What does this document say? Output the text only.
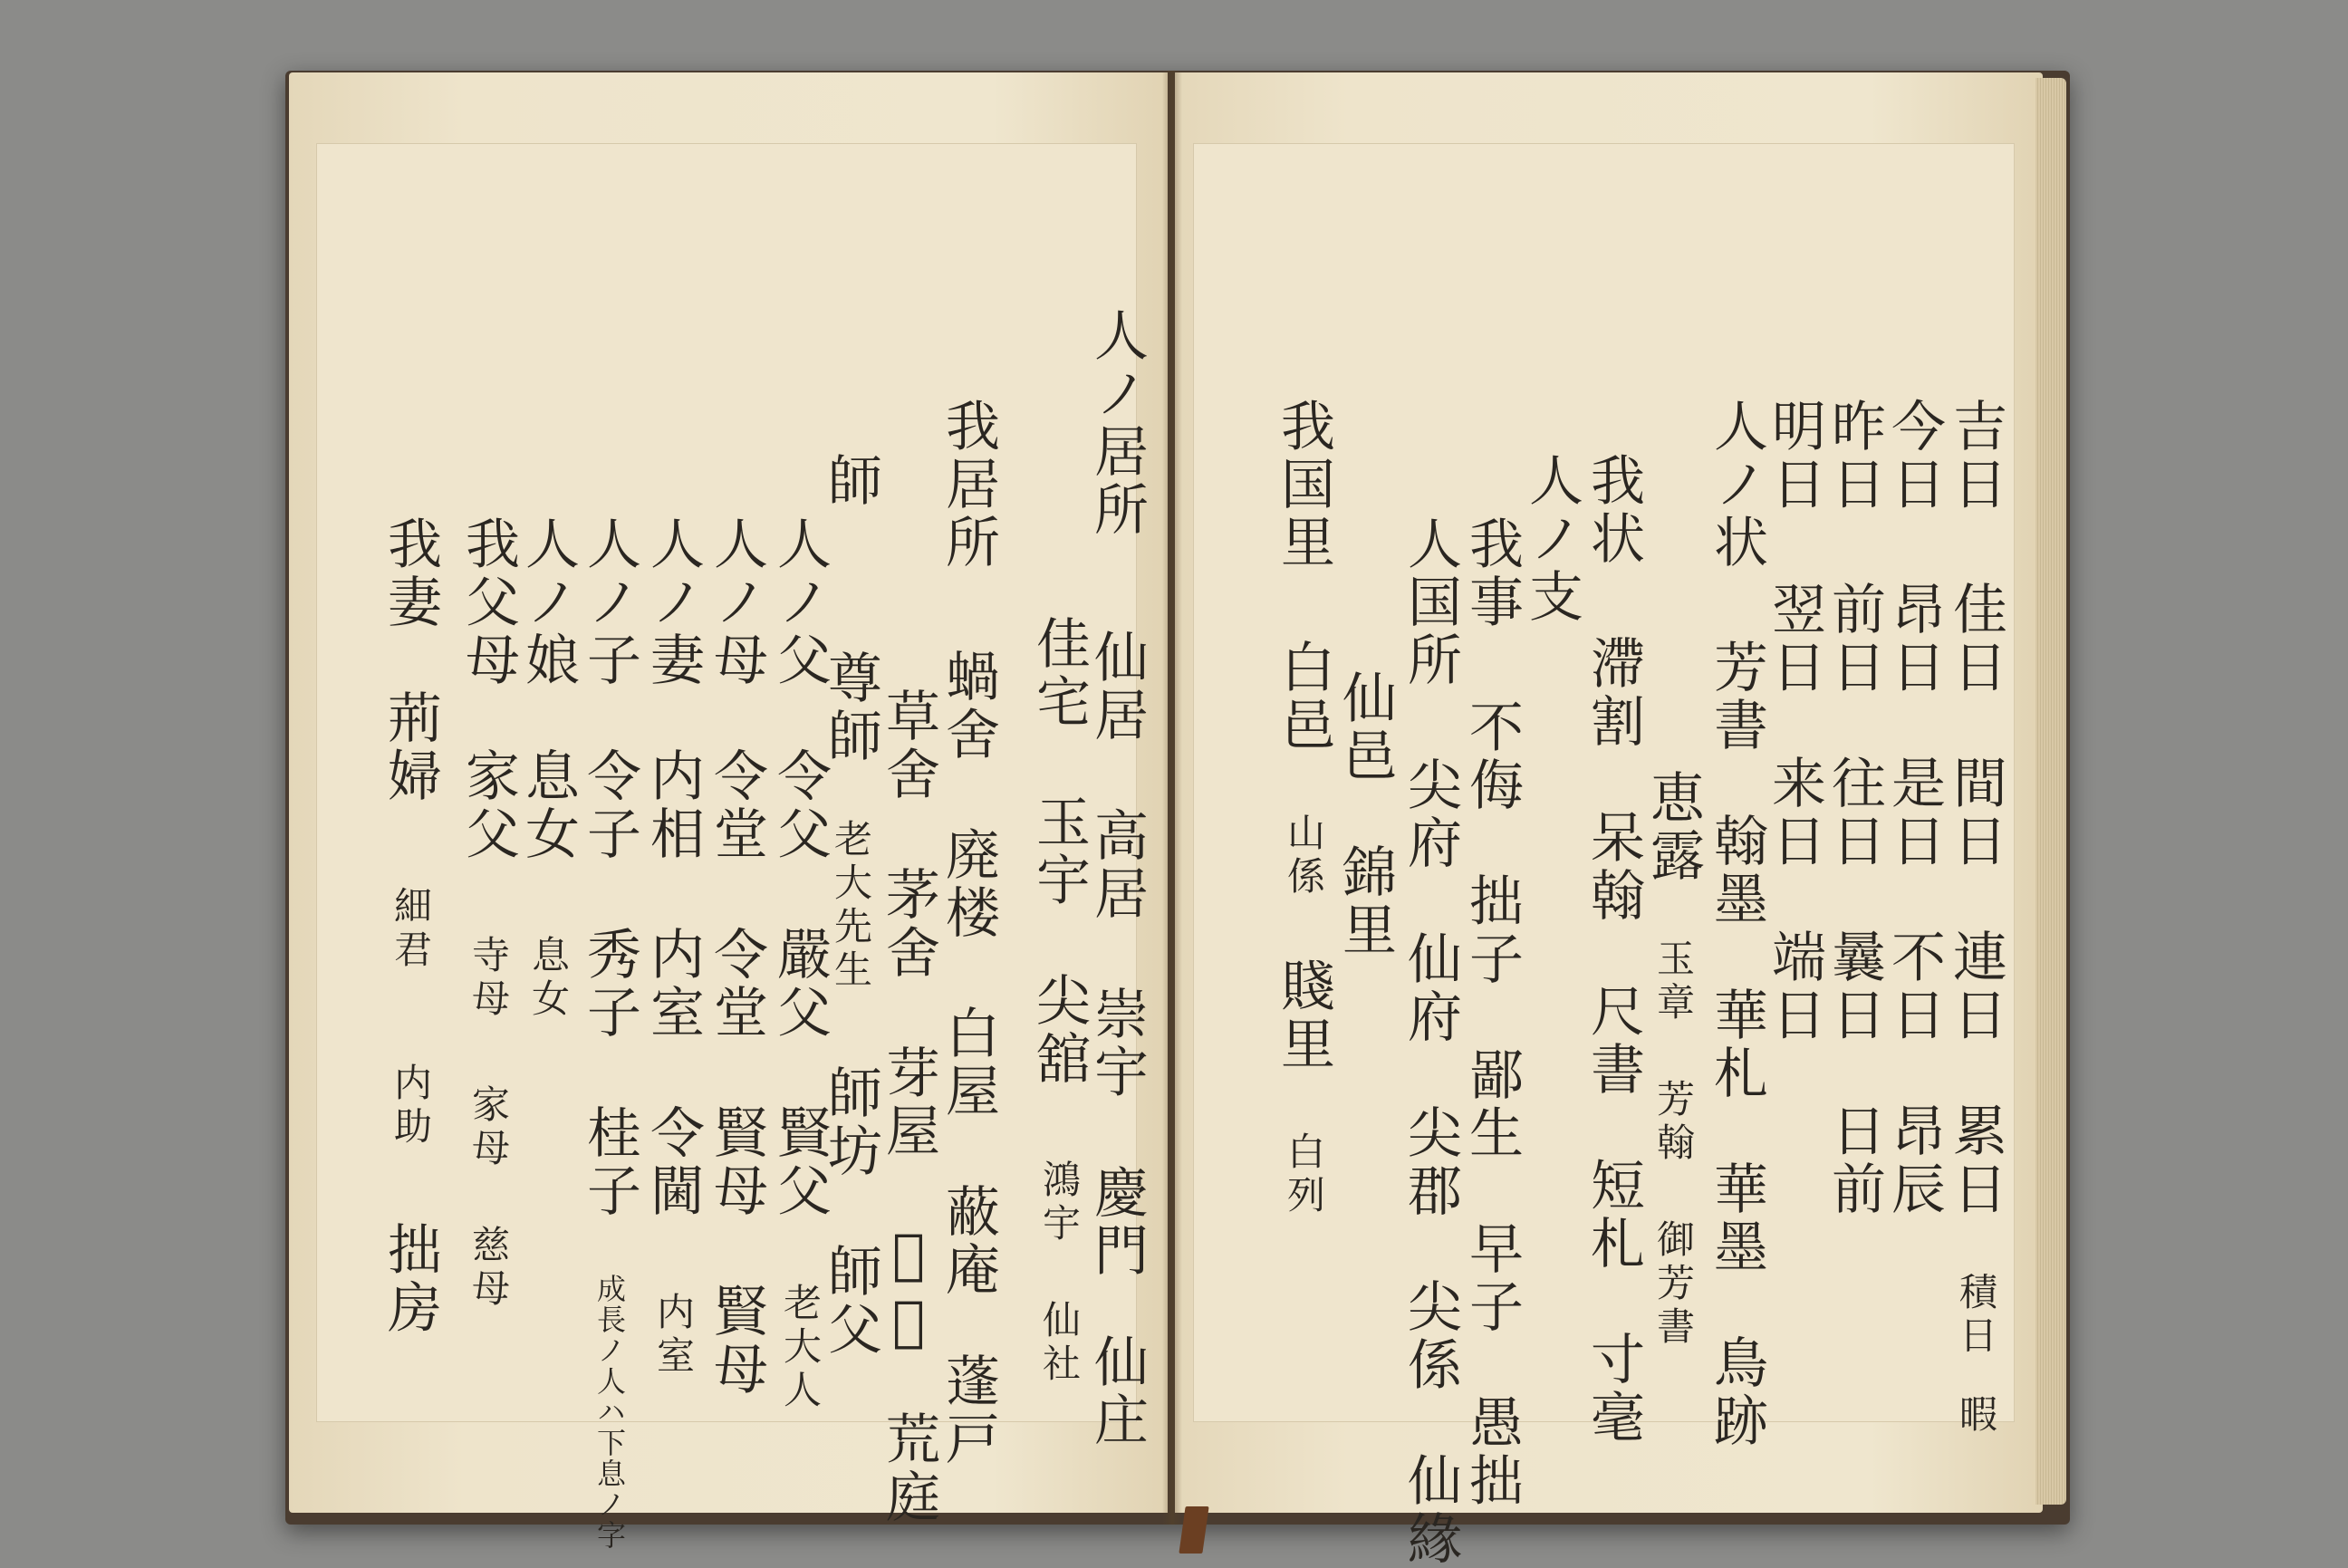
人ノ居所 仙居 高居 崇宇 慶門 仙庄
佳宅 玉宇 尖舘 鴻宇 仙社
我居所 蝸舍 廃楼 白屋 蔽庵 蓬戸
草舍 茅舍 芽屋 𫝂亭 荒庭
師 尊師 老大先生 師坊 師父
人ノ父 令父 嚴父 賢父 老大人
人ノ母 令堂 令堂 賢母 賢母
人ノ妻 内相 内室 令閫 内室
人ノ子 令子 秀子 桂子 成長ノ人ハ下息ノ字
人ノ娘 息女 息女
我父母 家父 寺母 家母 慈母
我妻 荊婦 細君 内助 拙房
吉日 佳日 間日 連日 累日 積日 暇
今日 昂日 是日 不日 昂辰
昨日 前日 往日 曩日 日前
明日 翌日 来日 端日
人ノ状 芳書 翰墨 華札 華墨 鳥跡
恵露 玉章 芳翰 御芳書
我状 滯割 呆翰 尺書 短札 寸毫
人ノ支
我事 不侮 拙子 鄙生 早子 愚拙
人国所 尖府 仙府 尖郡 尖係 仙緣
仙邑 錦里
我国里 白邑 山係 賤里 白列
